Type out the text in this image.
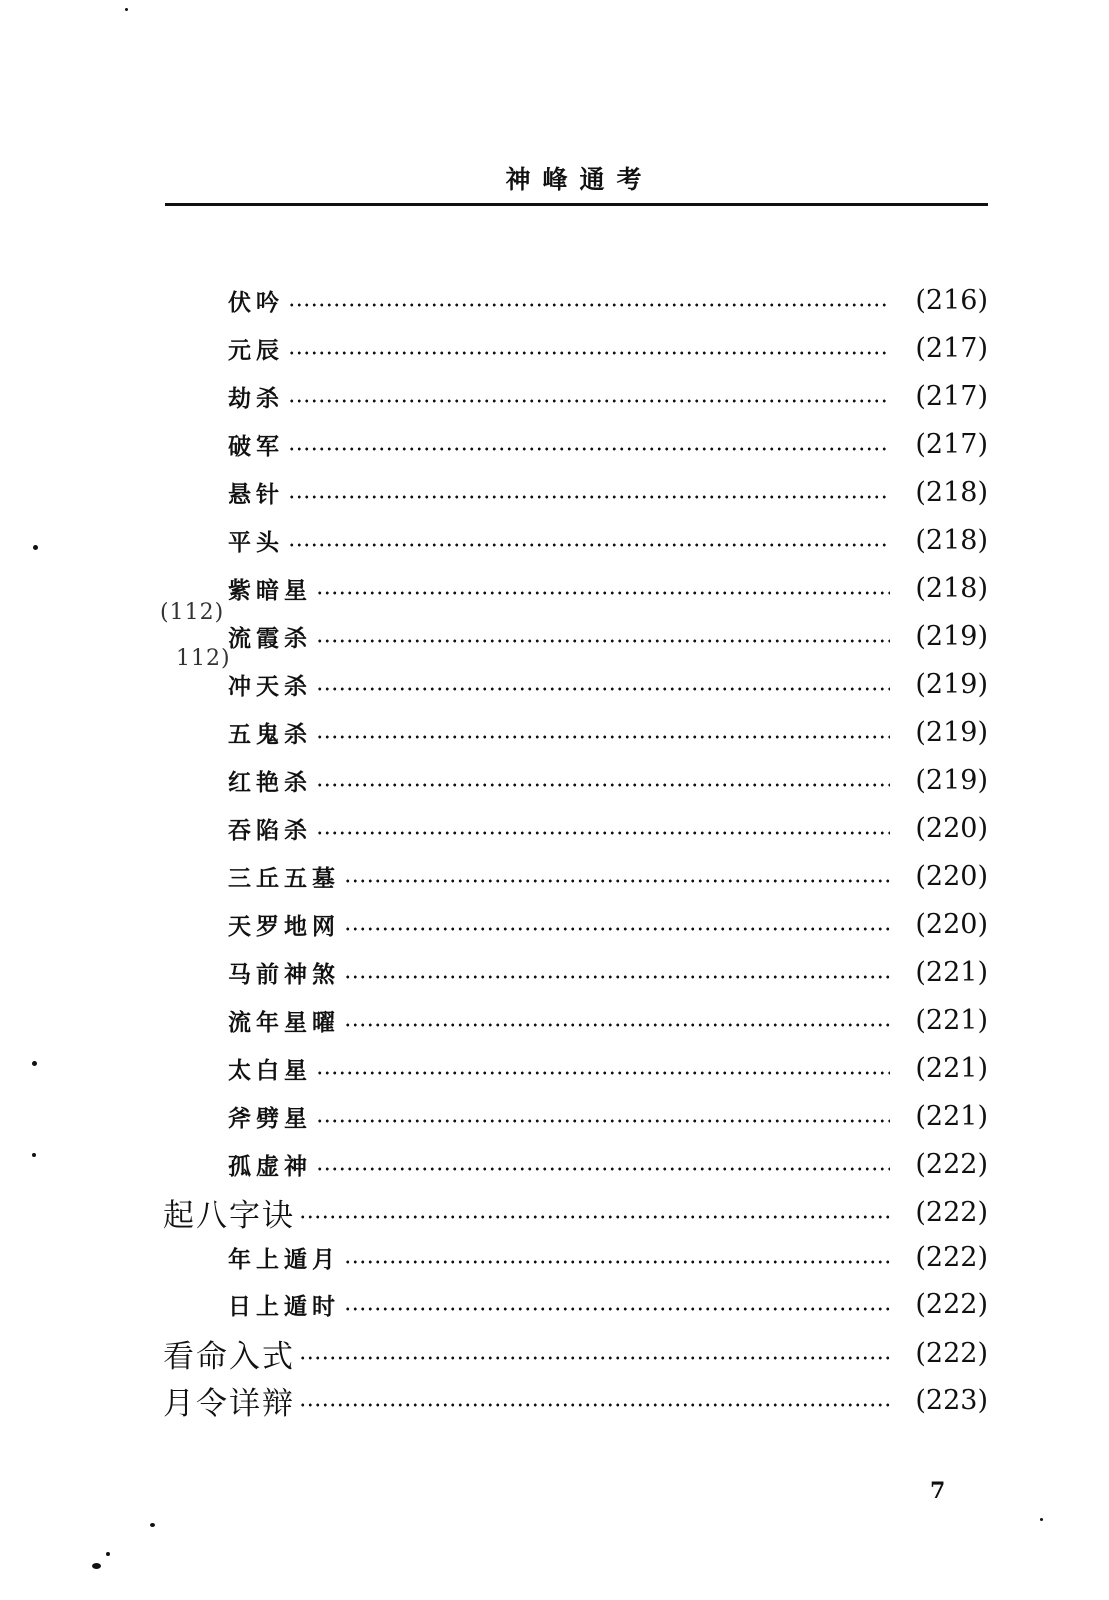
神峰通考
(112)
112)
伏吟	(216)
元辰	(217)
劫杀	(217)
破军	(217)
悬针	(218)
平头	(218)
紫暗星	(218)
流霞杀	(219)
冲天杀	(219)
五鬼杀	(219)
红艳杀	(219)
吞陷杀	(220)
三丘五墓	(220)
天罗地网	(220)
马前神煞	(221)
流年星曜	(221)
太白星	(221)
斧劈星	(221)
孤虚神	(222)
起八字诀	(222)
年上遁月	(222)
日上遁时	(222)
看命入式	(222)
月令详辩	(223)
7
